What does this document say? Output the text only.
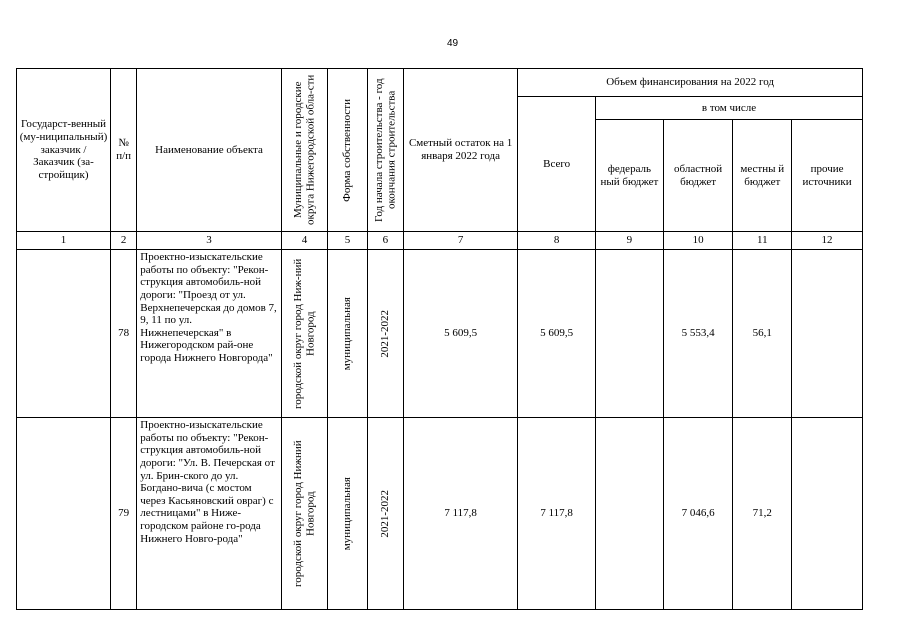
49
Государст-венный (му-ниципальный) заказчик / Заказчик (за-стройщик)	№ п/п	Наименование объекта	Муниципальные и городские округа Нижегородской обла-сти	Форма собственности	Год начала строительства - год окончания строительства	Сметный остаток на 1 января 2022 года	Объем финансирования на 2022 год				
							Всего	в том числе			
								федераль ный бюджет	областной бюджет	местны й бюджет	прочие источники
1	2	3	4	5	6	7	8	9	10	11	12
	78	Проектно-изыскательские работы по объекту: "Рекон-струкция автомобиль-ной дороги: "Проезд от ул. Верхнепечерская до домов 7, 9, 11 по ул. Нижнепечерская" в Нижегородском рай-оне города Нижнего Новгорода"	городской округ город Ниж-ний Новгород	муниципальная	2021-2022	5 609,5	5 609,5		5 553,4	56,1	
	79	Проектно-изыскательские работы по объекту: "Рекон-струкция автомобиль-ной дороги: "Ул. В. Печерская от ул. Брин-ского до ул. Богдано-вича (с мостом через Касьяновский овраг) с лестницами" в Ниже-городском районе го-рода Нижнего Новго-рода"	городской округ город Нижний Новгород	муниципальная	2021-2022	7 117,8	7 117,8		7 046,6	71,2	
